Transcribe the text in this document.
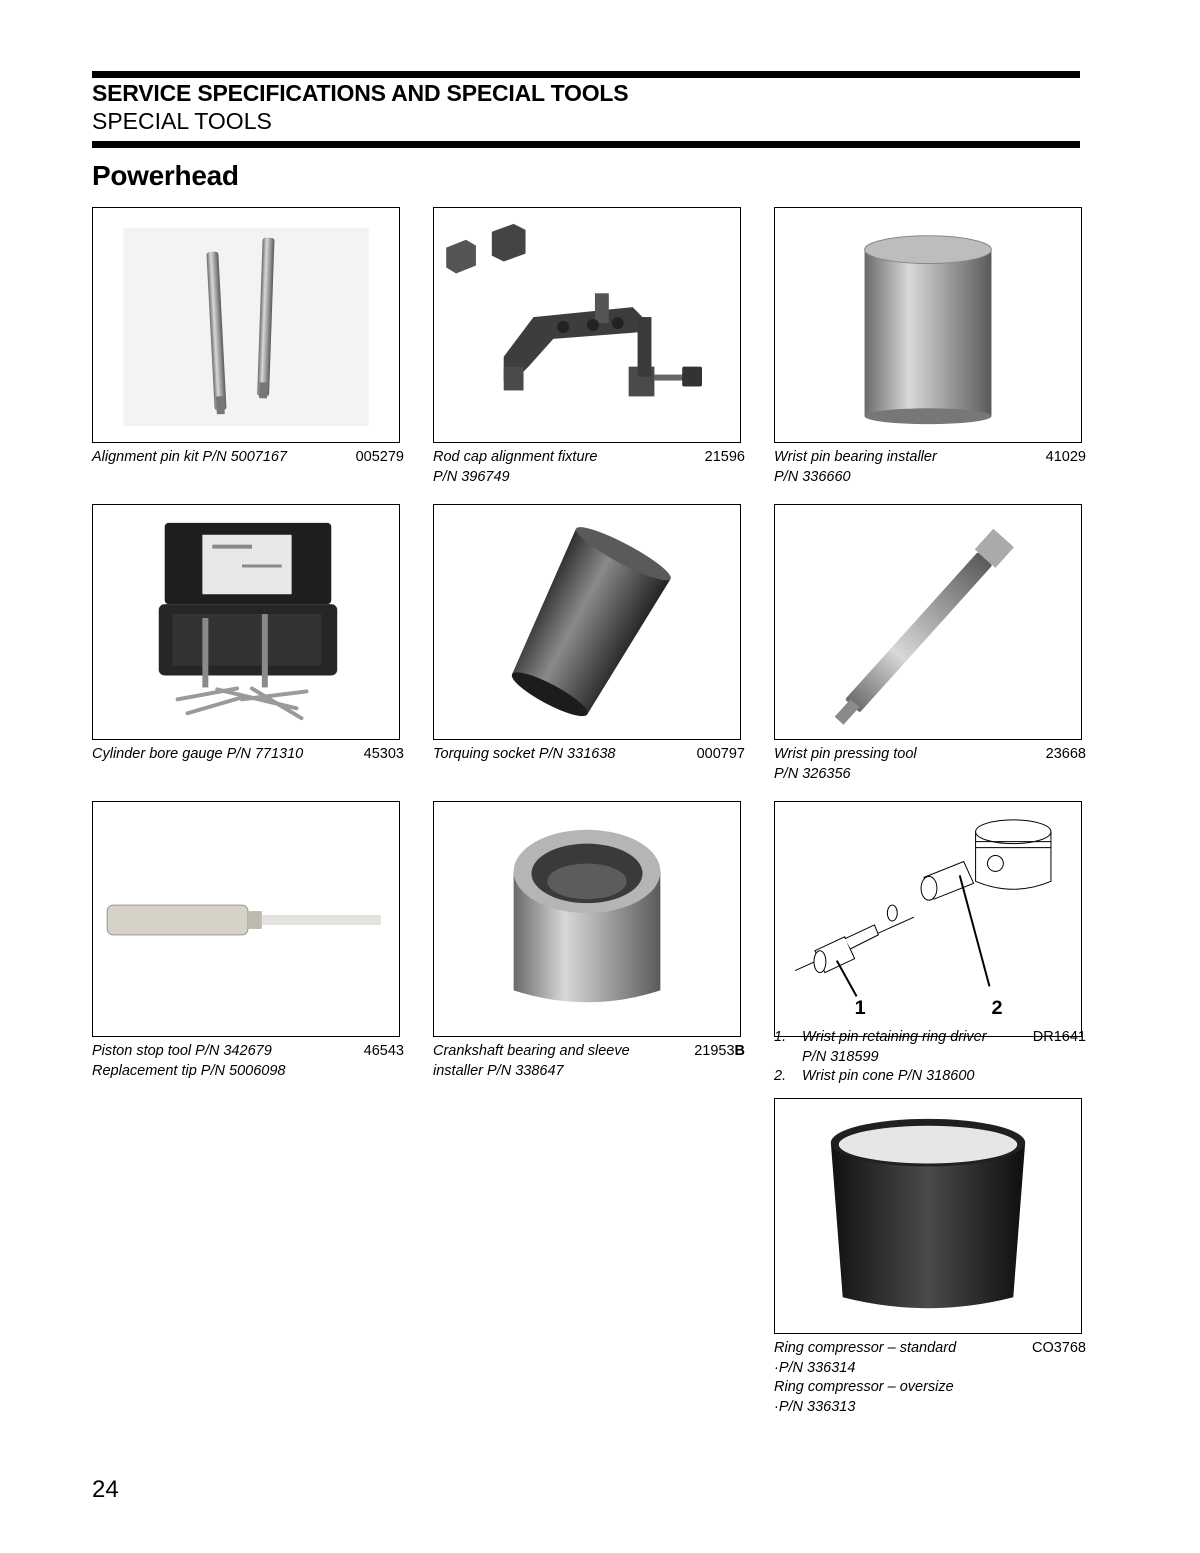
SERVICE SPECIFICATIONS AND SPECIAL TOOLS
SPECIAL TOOLS
Powerhead
Alignment pin kit P/N 5007167	005279 Rod cap alignment fixture
P/N 396749
21596 Wrist pin bearing installer
P/N 336660
41029
Cylinder bore gauge P/N 771310	45303 Torquing socket P/N 331638	000797 Wrist pin pressing tool
P/N 326356
23668
Piston stop tool P/N 342679
Replacement tip P/N 5006098
46543 Crankshaft bearing and sleeve
installer P/N 338647
21953B
1	2
1. Wrist pin retaining ring driver
P/N 318599
2. Wrist pin cone P/N 318600
DR1641
Ring compressor – standard
·P/N 336314
Ring compressor – oversize
·P/N 336313
CO3768
24
